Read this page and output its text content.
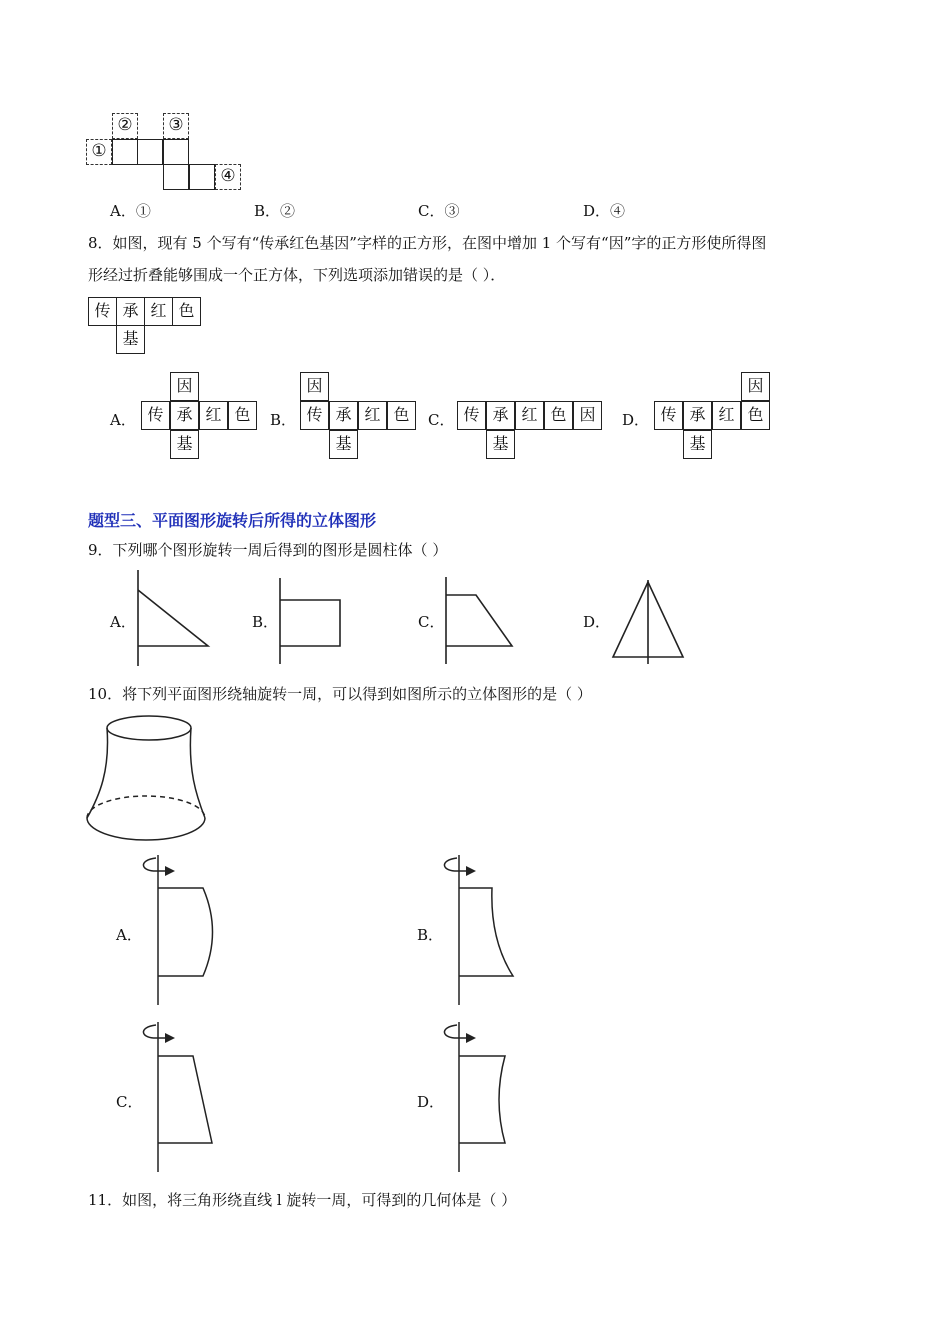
①
②	③
④
A．①	B．②	C．③	D．④
8．如图，现有 5 个写有“传承红色基因”字样的正方形，在图中增加 1 个写有“因”字的正方形使所得图
形经过折叠能够围成一个正方体，下列选项添加错误的是（ ）．
传 承 红 色
基
A．
因
传 承 红 色
基
B．
因
传 承 红 色
基
C． 传 承 红 色 因
基
D．
因
传 承 红 色
基
题型三、平面图形旋转后所得的立体图形
9．下列哪个图形旋转一周后得到的图形是圆柱体（ ）
A．	B．	C．	D．
10．将下列平面图形绕轴旋转一周，可以得到如图所示的立体图形的是（ ）
A．	B．
C．	D．
11．如图，将三角形绕直线 l 旋转一周，可得到的几何体是（ ）
